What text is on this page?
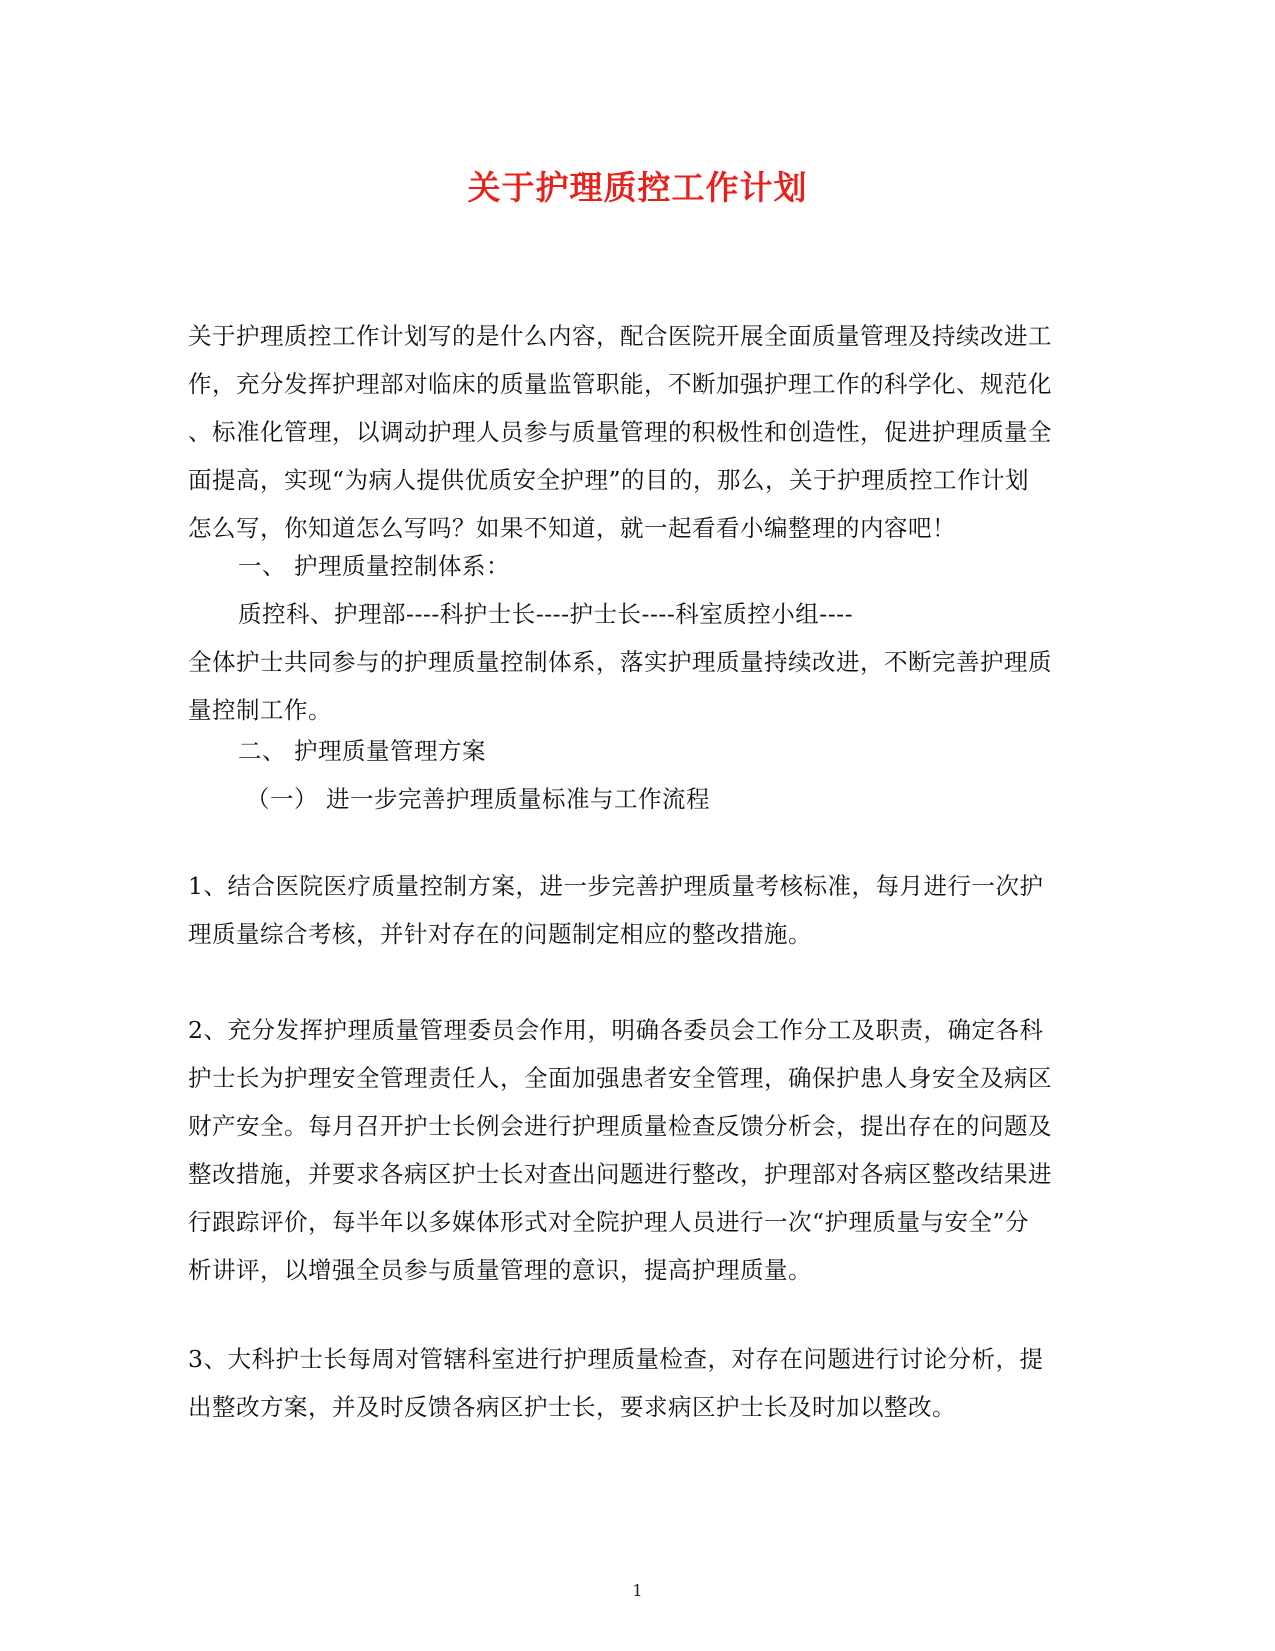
关于护理质控工作计划
关于护理质控工作计划写的是什么内容，配合医院开展全面质量管理及持续改进工
作，充分发挥护理部对临床的质量监管职能，不断加强护理工作的科学化、规范化
、标准化管理，以调动护理人员参与质量管理的积极性和创造性，促进护理质量全
面提高，实现“为病人提供优质安全护理”的目的，那么，关于护理质控工作计划
怎么写，你知道怎么写吗？如果不知道，就一起看看小编整理的内容吧！
一、 护理质量控制体系：
质控科、护理部----科护士长----护士长----科室质控小组----
全体护士共同参与的护理质量控制体系，落实护理质量持续改进，不断完善护理质
量控制工作。
二、 护理质量管理方案
（一） 进一步完善护理质量标准与工作流程
1、结合医院医疗质量控制方案，进一步完善护理质量考核标准，每月进行一次护
理质量综合考核，并针对存在的问题制定相应的整改措施。
2、充分发挥护理质量管理委员会作用，明确各委员会工作分工及职责，确定各科
护士长为护理安全管理责任人，全面加强患者安全管理，确保护患人身安全及病区
财产安全。每月召开护士长例会进行护理质量检查反馈分析会，提出存在的问题及
整改措施，并要求各病区护士长对查出问题进行整改，护理部对各病区整改结果进
行跟踪评价，每半年以多媒体形式对全院护理人员进行一次“护理质量与安全”分
析讲评，以增强全员参与质量管理的意识，提高护理质量。
3、大科护士长每周对管辖科室进行护理质量检查，对存在问题进行讨论分析，提
出整改方案，并及时反馈各病区护士长，要求病区护士长及时加以整改。

1
